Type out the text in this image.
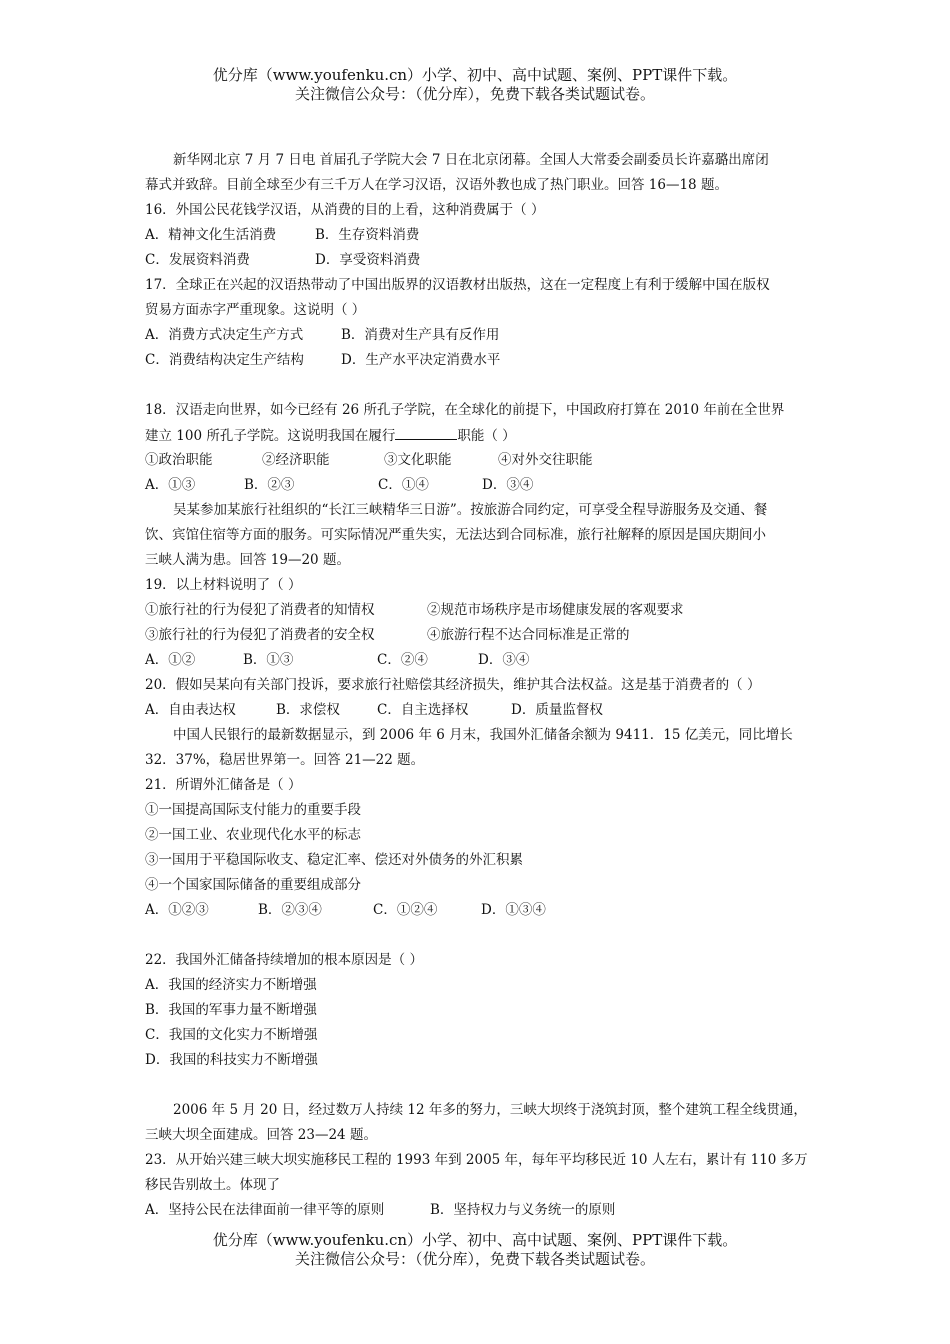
优分库（www.youfenku.cn）小学、初中、高中试题、案例、PPT课件下载。
关注微信公众号：（优分库），免费下载各类试题试卷。
新华网北京 7 月 7 日电 首届孔子学院大会 7 日在北京闭幕。全国人大常委会副委员长许嘉璐出席闭
幕式并致辞。目前全球至少有三千万人在学习汉语，汉语外教也成了热门职业。回答 16—18 题。
16．外国公民花钱学汉语，从消费的目的上看，这种消费属于（ ）
A．精神文化生活消费	B．生存资料消费
C．发展资料消费	D．享受资料消费
17．全球正在兴起的汉语热带动了中国出版界的汉语教材出版热，这在一定程度上有利于缓解中国在版权
贸易方面赤字严重现象。这说明（ ）
A．消费方式决定生产方式	B．消费对生产具有反作用
C．消费结构决定生产结构	D．生产水平决定消费水平
18．汉语走向世界，如今已经有 26 所孔子学院，在全球化的前提下，中国政府打算在 2010 年前在全世界
建立 100 所孔子学院。这说明我国在履行	职能（ ）
①政治职能	②经济职能	③文化职能	④对外交往职能
A．①③	B．②③	C．①④	D．③④
吴某参加某旅行社组织的“长江三峡精华三日游”。按旅游合同约定，可享受全程导游服务及交通、餐
饮、宾馆住宿等方面的服务。可实际情况严重失实，无法达到合同标准，旅行社解释的原因是国庆期间小
三峡人满为患。回答 19—20 题。
19．以上材料说明了（ ）
①旅行社的行为侵犯了消费者的知情权	②规范市场秩序是市场健康发展的客观要求
③旅行社的行为侵犯了消费者的安全权	④旅游行程不达合同标准是正常的
A．①②	B．①③	C．②④	D．③④
20．假如吴某向有关部门投诉，要求旅行社赔偿其经济损失，维护其合法权益。这是基于消费者的（ ）
A．自由表达权	B．求偿权	C．自主选择权	D．质量监督权
中国人民银行的最新数据显示，到 2006 年 6 月末，我国外汇储备余额为 9411．15 亿美元，同比增长
32．37%，稳居世界第一。回答 21—22 题。
21．所谓外汇储备是（ ）
①一国提高国际支付能力的重要手段
②一国工业、农业现代化水平的标志
③一国用于平稳国际收支、稳定汇率、偿还对外债务的外汇积累
④一个国家国际储备的重要组成部分
A．①②③	B．②③④	C．①②④	D．①③④
22．我国外汇储备持续增加的根本原因是（ ）
A．我国的经济实力不断增强
B．我国的军事力量不断增强
C．我国的文化实力不断增强
D．我国的科技实力不断增强
2006 年 5 月 20 日，经过数万人持续 12 年多的努力，三峡大坝终于浇筑封顶，整个建筑工程全线贯通，
三峡大坝全面建成。回答 23—24 题。
23．从开始兴建三峡大坝实施移民工程的 1993 年到 2005 年，每年平均移民近 10 人左右，累计有 110 多万
移民告别故土。体现了
A．坚持公民在法律面前一律平等的原则	B．坚持权力与义务统一的原则
优分库（www.youfenku.cn）小学、初中、高中试题、案例、PPT课件下载。
关注微信公众号：（优分库），免费下载各类试题试卷。
